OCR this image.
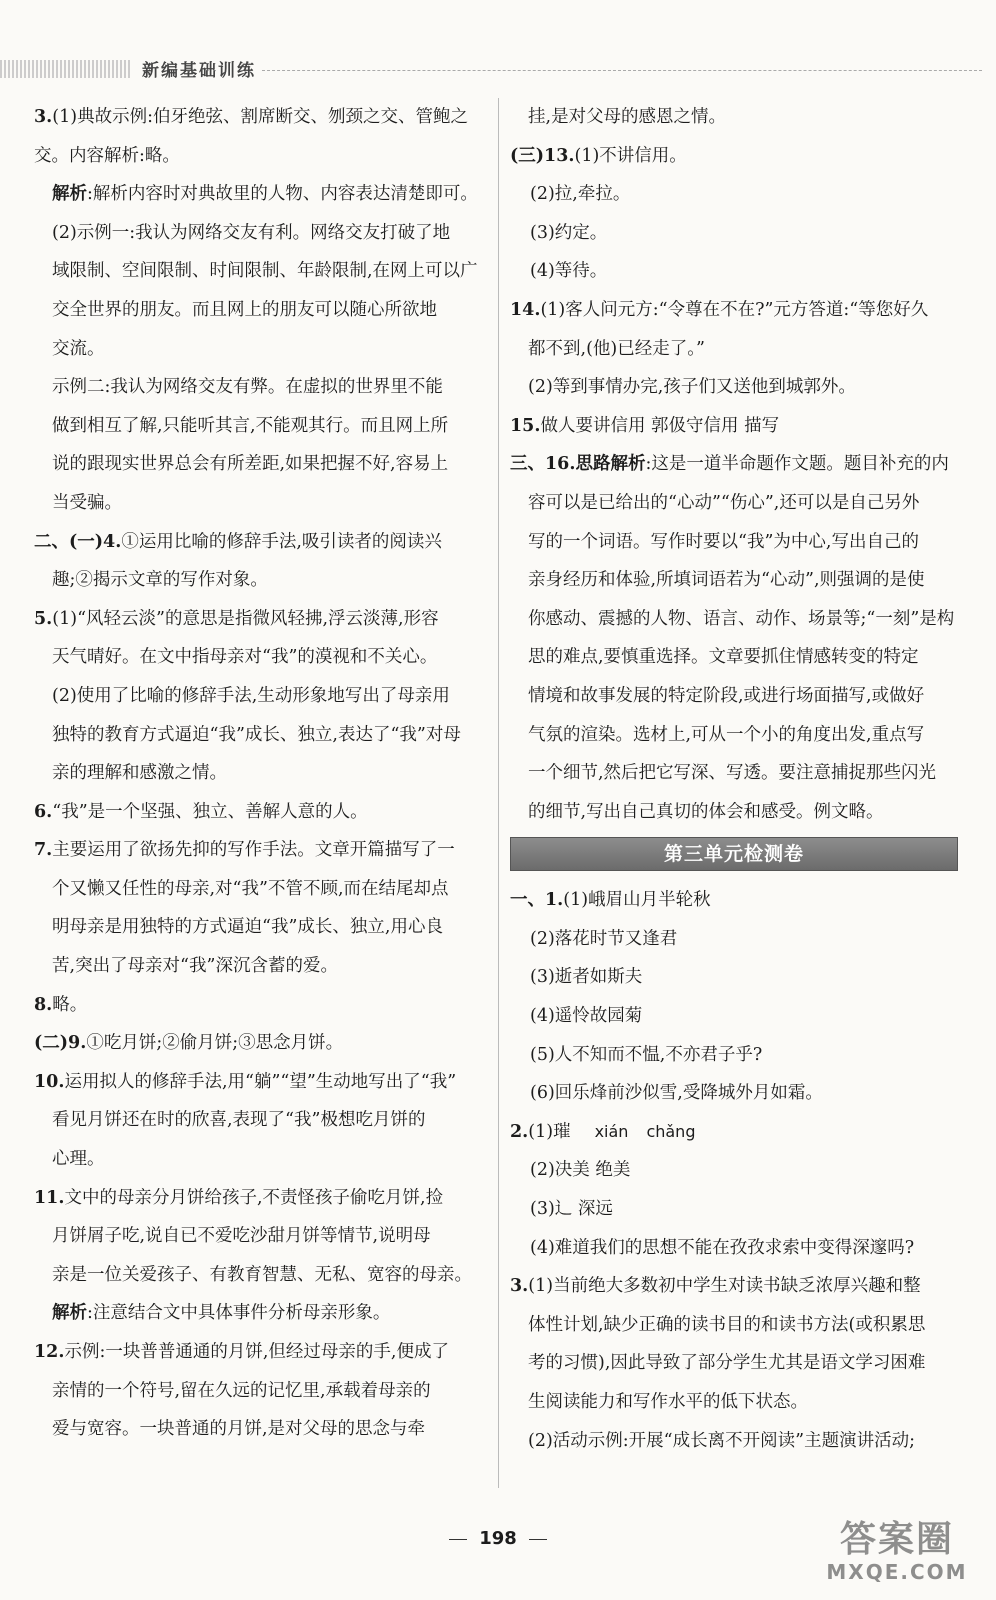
新编基础训练
3.(1)典故示例:伯牙绝弦、割席断交、刎颈之交、管鲍之
交。内容解析:略。
解析:解析内容时对典故里的人物、内容表达清楚即可。
(2)示例一:我认为网络交友有利。网络交友打破了地
域限制、空间限制、时间限制、年龄限制,在网上可以广
交全世界的朋友。而且网上的朋友可以随心所欲地
交流。
示例二:我认为网络交友有弊。在虚拟的世界里不能
做到相互了解,只能听其言,不能观其行。而且网上所
说的跟现实世界总会有所差距,如果把握不好,容易上
当受骗。
二、(一)4.①运用比喻的修辞手法,吸引读者的阅读兴
趣;②揭示文章的写作对象。
5.(1)“风轻云淡”的意思是指微风轻拂,浮云淡薄,形容
天气晴好。在文中指母亲对“我”的漠视和不关心。
(2)使用了比喻的修辞手法,生动形象地写出了母亲用
独特的教育方式逼迫“我”成长、独立,表达了“我”对母
亲的理解和感激之情。
6.“我”是一个坚强、独立、善解人意的人。
7.主要运用了欲扬先抑的写作手法。文章开篇描写了一
个又懒又任性的母亲,对“我”不管不顾,而在结尾却点
明母亲是用独特的方式逼迫“我”成长、独立,用心良
苦,突出了母亲对“我”深沉含蓄的爱。
8.略。
(二)9.①吃月饼;②偷月饼;③思念月饼。
10.运用拟人的修辞手法,用“躺”“望”生动地写出了“我”
看见月饼还在时的欣喜,表现了“我”极想吃月饼的
心理。
11.文中的母亲分月饼给孩子,不责怪孩子偷吃月饼,捡
月饼屑子吃,说自已不爱吃沙甜月饼等情节,说明母
亲是一位关爱孩子、有教育智慧、无私、宽容的母亲。
解析:注意结合文中具体事件分析母亲形象。
12.示例:一块普普通通的月饼,但经过母亲的手,便成了
亲情的一个符号,留在久远的记忆里,承载着母亲的
爱与宽容。一块普通的月饼,是对父母的思念与牵
挂,是对父母的感恩之情。
(三)13.(1)不讲信用。
(2)拉,牵拉。
(3)约定。
(4)等待。
14.(1)客人问元方:“令尊在不在?”元方答道:“等您好久
都不到,(他)已经走了。”
(2)等到事情办完,孩子们又送他到城郭外。
15.做人要讲信用 郭伋守信用 描写
三、16.思路解析:这是一道半命题作文题。题目补充的内
容可以是已给出的“心动”“伤心”,还可以是自己另外
写的一个词语。写作时要以“我”为中心,写出自己的
亲身经历和体验,所填词语若为“心动”,则强调的是使
你感动、震撼的人物、语言、动作、场景等;“一刻”是构
思的难点,要慎重选择。文章要抓住情感转变的特定
情境和故事发展的特定阶段,或进行场面描写,或做好
气氛的渲染。选材上,可从一个小的角度出发,重点写
一个细节,然后把它写深、写透。要注意捕捉那些闪光
的细节,写出自己真切的体会和感受。例文略。
第三单元检测卷
一、1.(1)峨眉山月半轮秋
(2)落花时节又逢君
(3)逝者如斯夫
(4)遥怜故园菊
(5)人不知而不愠,不亦君子乎?
(6)回乐烽前沙似雪,受降城外月如霜。
2.(1)璀 xián chǎng
(2)决美 绝美
(3)辶 深远
(4)难道我们的思想不能在孜孜求索中变得深邃吗?
3.(1)当前绝大多数初中学生对读书缺乏浓厚兴趣和整
体性计划,缺少正确的读书目的和读书方法(或积累思
考的习惯),因此导致了部分学生尤其是语文学习困难
生阅读能力和写作水平的低下状态。
(2)活动示例:开展“成长离不开阅读”主题演讲活动;
198	答案圈
MXQE.COM
